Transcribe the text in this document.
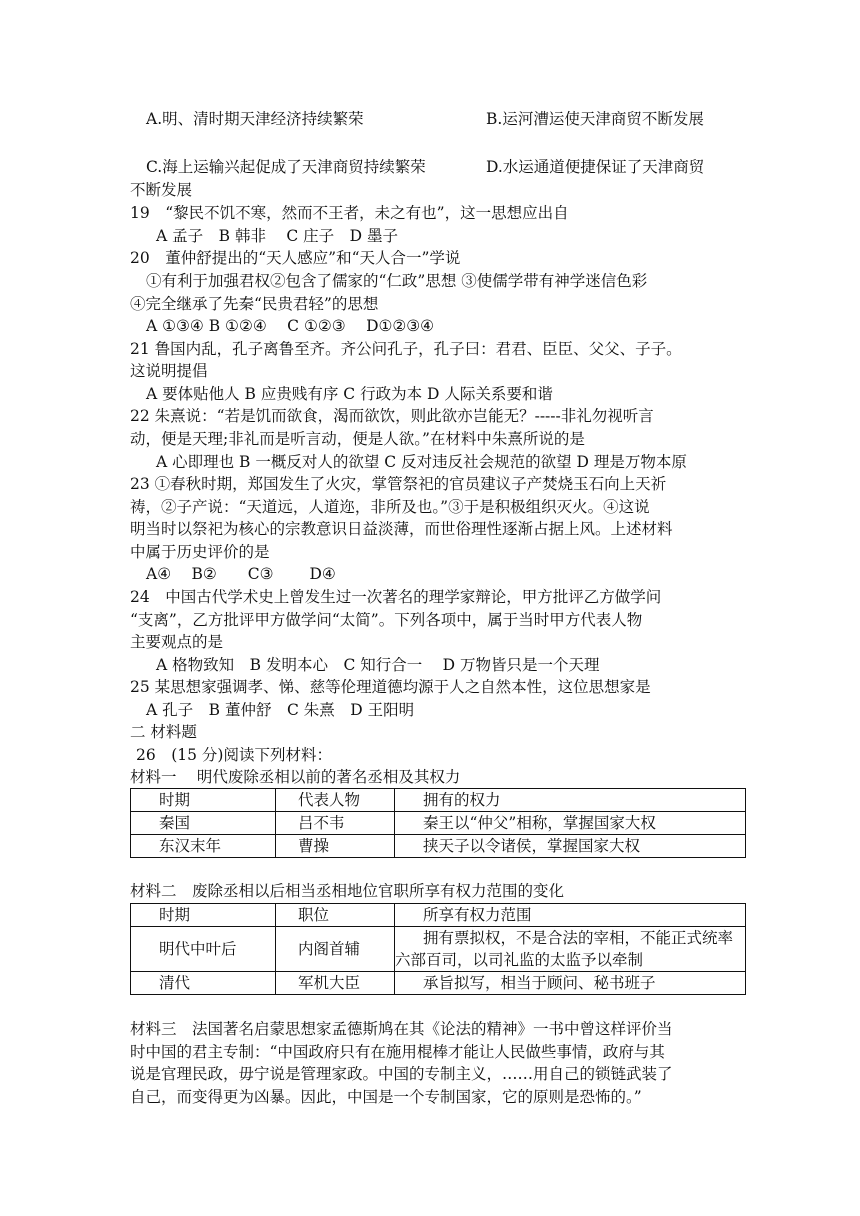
A.明、清时期天津经济持续繁荣	B.运河漕运使天津商贸不断发展
C.海上运输兴起促成了天津商贸持续繁荣	D.水运通道便捷保证了天津商贸
不断发展
19　“黎民不饥不寒，然而不王者，未之有也”，这一思想应出自
A 孟子　B 韩非　 C 庄子　D 墨子
20　董仲舒提出的“天人感应”和“天人合一”学说
①有利于加强君权②包含了儒家的“仁政”思想 ③使儒学带有神学迷信色彩
④完全继承了先秦“民贵君轻”的思想
A ①③④ B ①②④　 C ①②③　 D①②③④
21 鲁国内乱，孔子离鲁至齐。齐公问孔子，孔子曰：君君、臣臣、父父、子子。
这说明提倡
A 要体贴他人 B 应贵贱有序 C 行政为本 D 人际关系要和谐
22 朱熹说：“若是饥而欲食，渴而欲饮，则此欲亦岂能无？-----非礼勿视听言
动，便是天理;非礼而是听言动，便是人欲。”在材料中朱熹所说的是
A 心即理也 B 一概反对人的欲望 C 反对违反社会规范的欲望 D 理是万物本原
23 ①春秋时期，郑国发生了火灾，掌管祭祀的官员建议子产焚烧玉石向上天祈
祷，②子产说：“天道远，人道迩，非所及也。”③于是积极组织灭火。④这说
明当时以祭祀为核心的宗教意识日益淡薄，而世俗理性逐渐占据上风。上述材料
中属于历史评价的是
A④　 B②　　C③　　 D④
24　中国古代学术史上曾发生过一次著名的理学家辩论，甲方批评乙方做学问
“支离”，乙方批评甲方做学问“太简”。下列各项中，属于当时甲方代表人物
主要观点的是
A 格物致知　B 发明本心　C 知行合一　 D 万物皆只是一个天理
25 某思想家强调孝、悌、慈等伦理道德均源于人之自然本性，这位思想家是
A 孔子　B 董仲舒　C 朱熹　D 王阳明
二 材料题
26　(15 分)阅读下列材料：
材料一　 明代废除丞相以前的著名丞相及其权力
时期	代表人物	拥有的权力
秦国	吕不韦	秦王以“仲父”相称，掌握国家大权
东汉末年	曹操	挟天子以令诸侯，掌握国家大权
材料二　废除丞相以后相当丞相地位官职所享有权力范围的变化
时期	职位	所享有权力范围
明代中叶后	内阁首辅	拥有票拟权，不是合法的宰相，不能正式统率
六部百司，以司礼监的太监予以牵制

清代	军机大臣	承旨拟写，相当于顾问、秘书班子
材料三　法国著名启蒙思想家孟德斯鸠在其《论法的精神》一书中曾这样评价当
时中国的君主专制：“中国政府只有在施用棍棒才能让人民做些事情，政府与其
说是官理民政，毋宁说是管理家政。中国的专制主义，……用自己的锁链武装了
自己，而变得更为凶暴。因此，中国是一个专制国家，它的原则是恐怖的。”
